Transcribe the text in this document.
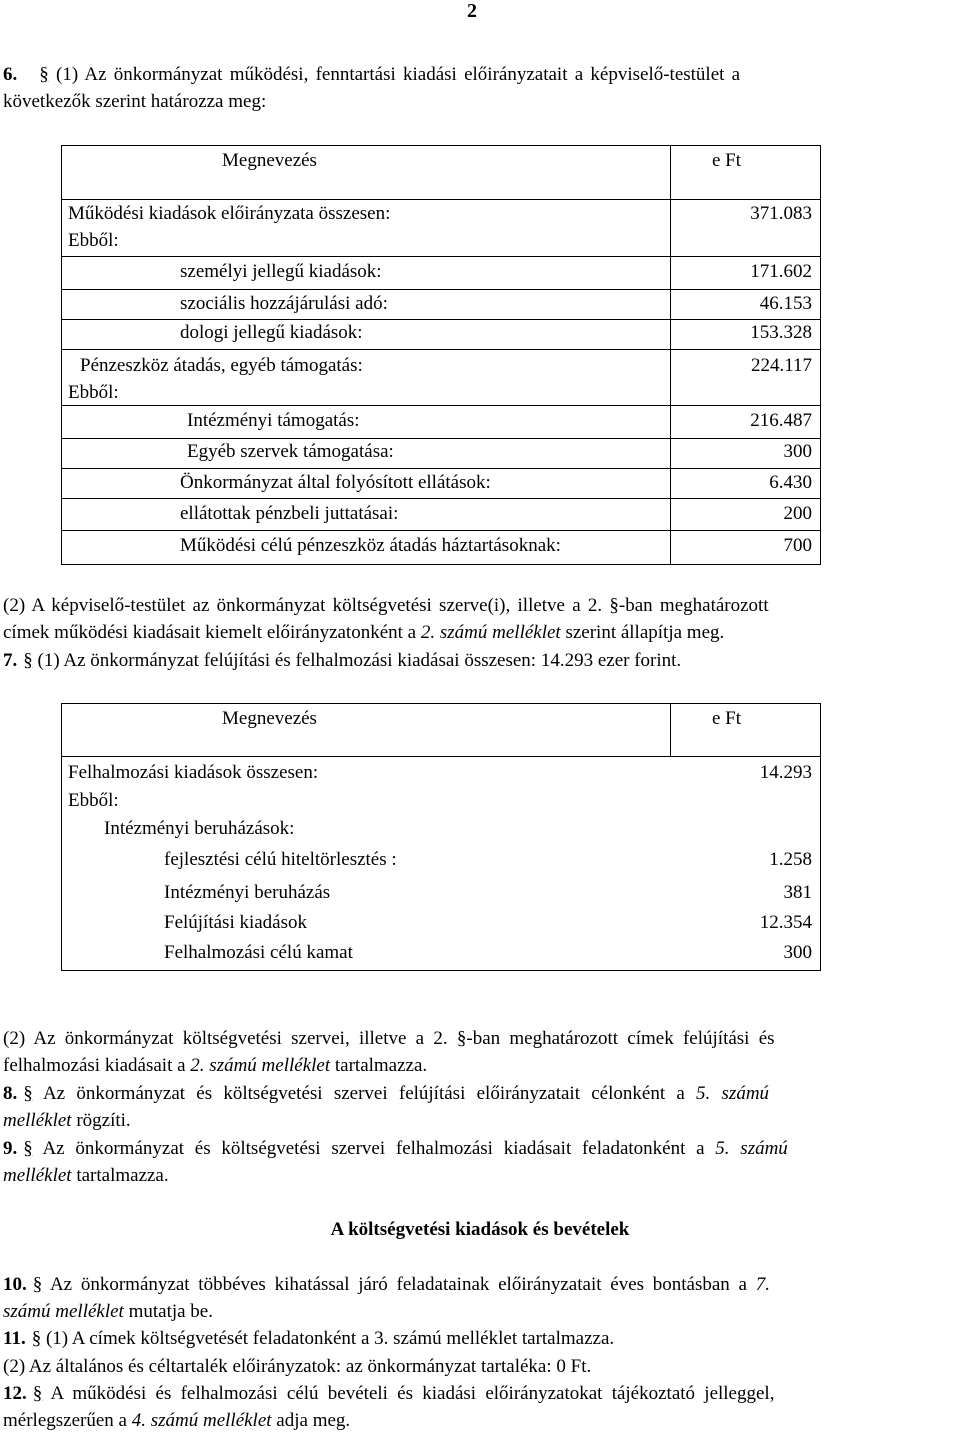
2
6. § (1) Az önkormányzat működési, fenntartási kiadási előirányzatait a képviselő-testület a
következők szerint határozza meg:
Megnevezés	e Ft
Működési kiadások előirányzata összesen:	371.083
Ebből:
személyi jellegű kiadások:	171.602
szociális hozzájárulási adó:	46.153
dologi jellegű kiadások:	153.328
Pénzeszköz átadás, egyéb támogatás:	224.117
Ebből:
Intézményi támogatás:	216.487
Egyéb szervek támogatása:	300
Önkormányzat által folyósított ellátások:	6.430
ellátottak pénzbeli juttatásai:	200
Működési célú pénzeszköz átadás háztartásoknak:	700
(2) A képviselő-testület az önkormányzat költségvetési szerve(i), illetve a 2. §-ban meghatározott
címek működési kiadásait kiemelt előirányzatonként a 2. számú melléklet szerint állapítja meg.
7. § (1) Az önkormányzat felújítási és felhalmozási kiadásai összesen: 14.293 ezer forint.
Megnevezés	e Ft
Felhalmozási kiadások összesen:	14.293
Ebből:
Intézményi beruházások:
fejlesztési célú hiteltörlesztés :	1.258
Intézményi beruházás	381
Felújítási kiadások	12.354
Felhalmozási célú kamat	300
(2) Az önkormányzat költségvetési szervei, illetve a 2. §-ban meghatározott címek felújítási és
felhalmozási kiadásait a 2. számú melléklet tartalmazza.
8. § Az önkormányzat és költségvetési szervei felújítási előirányzatait célonként a 5. számú
melléklet rögzíti.
9. § Az önkormányzat és költségvetési szervei felhalmozási kiadásait feladatonként a 5. számú
melléklet tartalmazza.
A költségvetési kiadások és bevételek
10. § Az önkormányzat többéves kihatással járó feladatainak előirányzatait éves bontásban a 7.
számú melléklet mutatja be.
11. § (1) A címek költségvetését feladatonként a 3. számú melléklet tartalmazza.
(2) Az általános és céltartalék előirányzatok: az önkormányzat tartaléka: 0 Ft.
12. § A működési és felhalmozási célú bevételi és kiadási előirányzatokat tájékoztató jelleggel,
mérlegszerűen a 4. számú melléklet adja meg.
